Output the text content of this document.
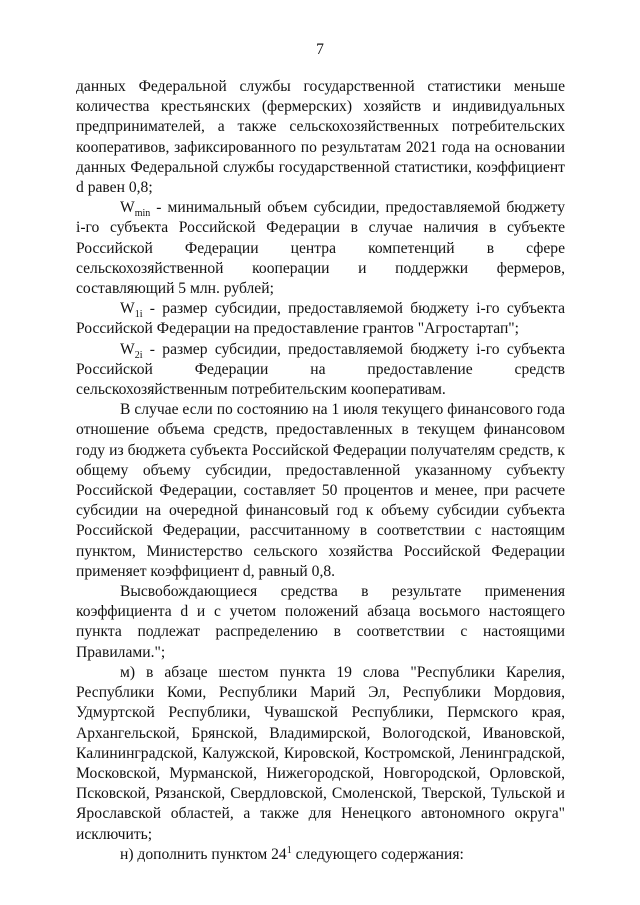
7

данных Федеральной службы государственной статистики меньше количества крестьянских (фермерских) хозяйств и индивидуальных предпринимателей, а также сельскохозяйственных потребительских кооперативов, зафиксированного по результатам 2021 года на основании данных Федеральной службы государственной статистики, коэффициент d равен 0,8;

$W_{min}$ - минимальный объем субсидии, предоставляемой бюджету i-го субъекта Российской Федерации в случае наличия в субъекте Российской Федерации центра компетенций в сфере сельскохозяйственной кооперации и поддержки фермеров, составляющий 5 млн. рублей;

$W_{1i}$ - размер субсидии, предоставляемой бюджету i-го субъекта Российской Федерации на предоставление грантов "Агростартап";

$W_{2i}$ - размер субсидии, предоставляемой бюджету i-го субъекта Российской Федерации на предоставление средств сельскохозяйственным потребительским кооперативам.

В случае если по состоянию на 1 июля текущего финансового года отношение объема средств, предоставленных в текущем финансовом году из бюджета субъекта Российской Федерации получателям средств, к общему объему субсидии, предоставленной указанному субъекту Российской Федерации, составляет 50 процентов и менее, при расчете субсидии на очередной финансовый год к объему субсидии субъекта Российской Федерации, рассчитанному в соответствии с настоящим пунктом, Министерство сельского хозяйства Российской Федерации применяет коэффициент d, равный 0,8.

Высвобождающиеся средства в результате применения коэффициента d и с учетом положений абзаца восьмого настоящего пункта подлежат распределению в соответствии с настоящими Правилами.";

м) в абзаце шестом пункта 19 слова "Республики Карелия, Республики Коми, Республики Марий Эл, Республики Мордовия, Удмуртской Республики, Чувашской Республики, Пермского края, Архангельской, Брянской, Владимирской, Вологодской, Ивановской, Калининградской, Калужской, Кировской, Костромской, Ленинградской, Московской, Мурманской, Нижегородской, Новгородской, Орловской, Псковской, Рязанской, Свердловской, Смоленской, Тверской, Тульской и Ярославской областей, а также для Ненецкого автономного округа" исключить;

н) дополнить пунктом $24^1$ следующего содержания:
